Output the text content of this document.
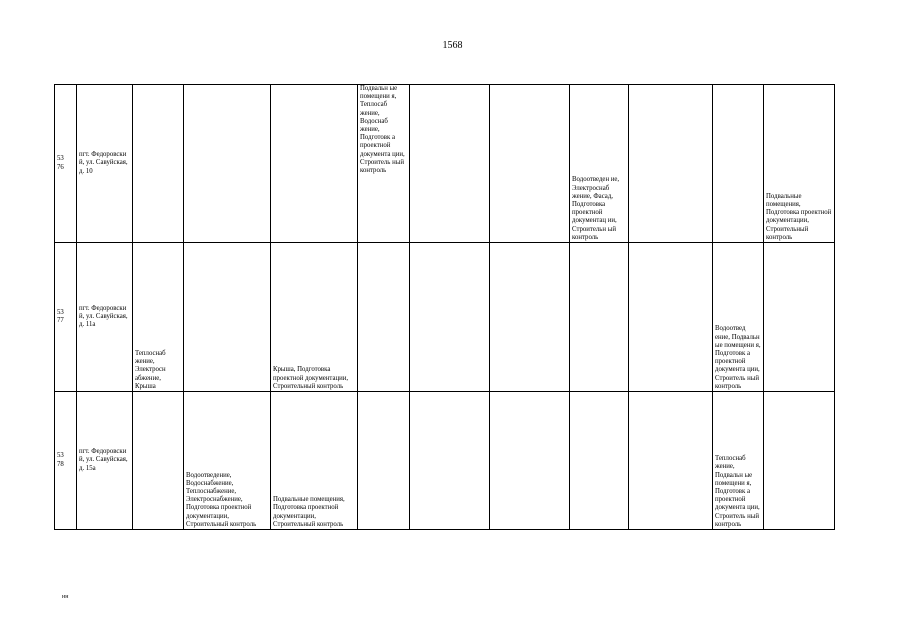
1568
53
76	пгт. Федоровски й, ул. Савуйская, д. 10				Подвальн ые помещени я, Теплосаб жение, Водоснаб жение, Подготовк а проектной документа ции, Строитель ный контроль			Водоотведен ие, Электроснаб жение, Фасад, Подготовка проектной документац ии, Строительн ый контроль			Подвальные помещения, Подготовка проектной документации, Строительный контроль
53
77	пгт. Федоровски й, ул. Савуйская, д. 11а	Теплоснаб жение, Электросн абжение, Крыша		Крыша, Подготовка проектной документации, Строительный контроль						Водоотвед ение, Подвальн ые помещени я, Подготовк а проектной документа ции, Строитель ный контроль	
53
78	пгт. Федоровски й, ул. Савуйская, д. 15а		Водоотведение, Водоснабжение, Теплоснабжение, Электроснабжение, Подготовка проектной документации, Строительный контроль	Подвальные помещения, Подготовка проектной документации, Строительный контроль						Теплоснаб жение, Подвальн ые помещени я, Подготовк а проектной документа ции, Строитель ный контроль	
нн
